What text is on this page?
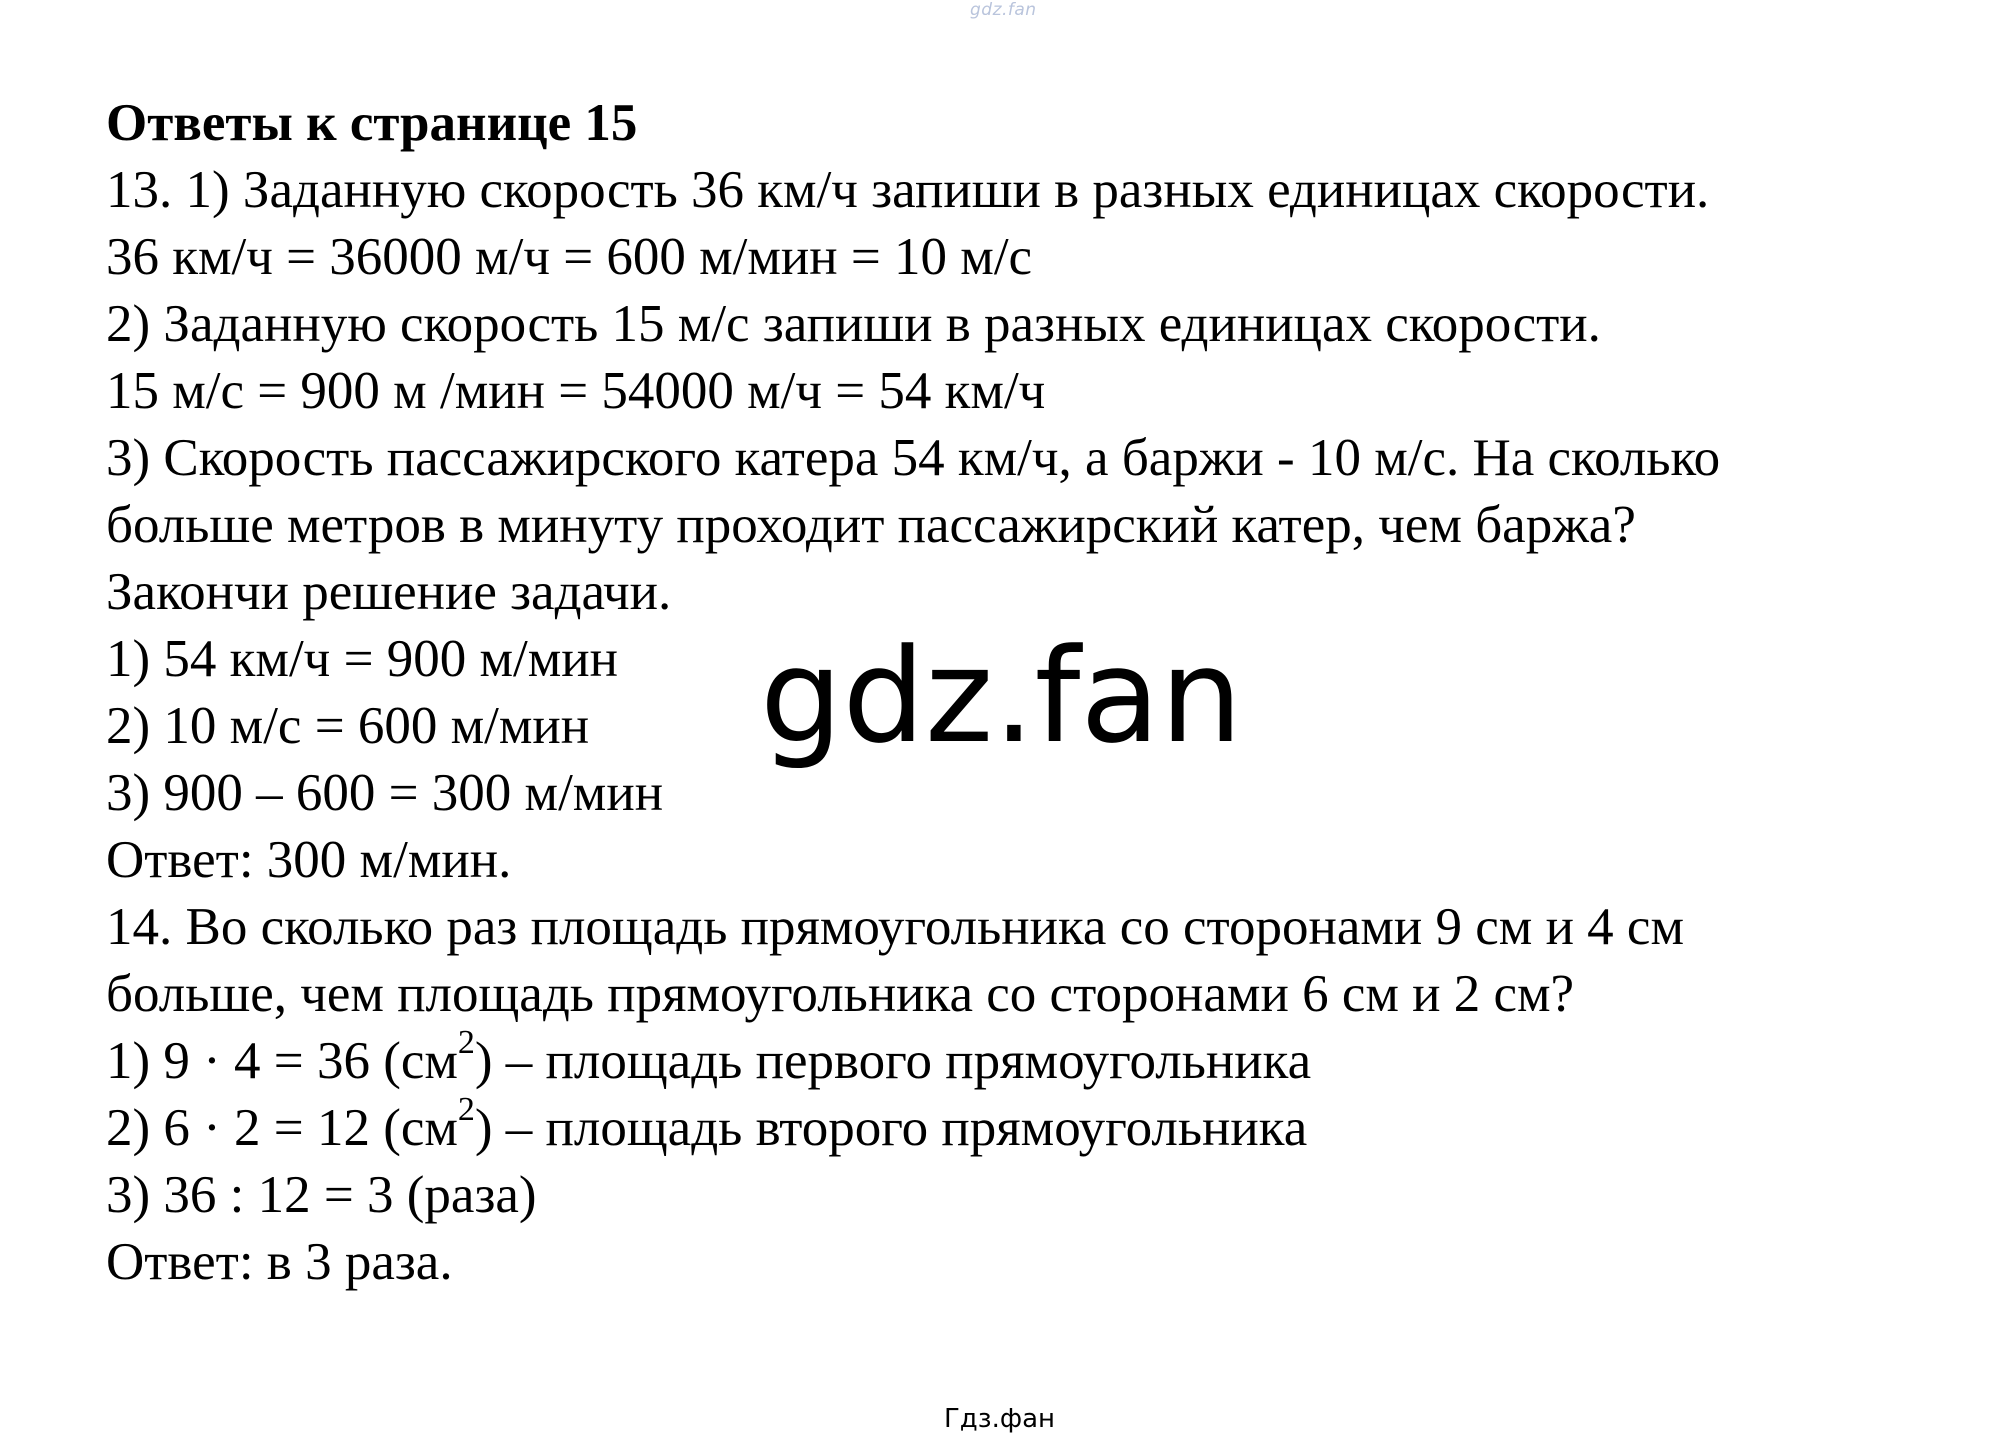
gdz.fan
Ответы к странице 15
13. 1) Заданную скорость 36 км/ч запиши в разных единицах скорости.
36 км/ч = 36000 м/ч = 600 м/мин = 10 м/с
2) Заданную скорость 15 м/с запиши в разных единицах скорости.
15 м/с = 900 м /мин = 54000 м/ч = 54 км/ч
3) Скорость пассажирского катера 54 км/ч, а баржи - 10 м/с. На сколько
больше метров в минуту проходит пассажирский катер, чем баржа?
Закончи решение задачи.
1) 54 км/ч = 900 м/мин
2) 10 м/с = 600 м/мин
3) 900 – 600 = 300 м/мин
Ответ: 300 м/мин.
14. Во сколько раз площадь прямоугольника со сторонами 9 см и 4 см
больше, чем площадь прямоугольника со сторонами 6 см и 2 см?
1) 9 · 4 = 36 $(см^2)$ – площадь первого прямоугольника
2) 6 · 2 = 12 $(см^2)$ – площадь второго прямоугольника
3) 36 : 12 = 3 (раза)
Ответ: в 3 раза.
gdz.fan
Гдз.фан
